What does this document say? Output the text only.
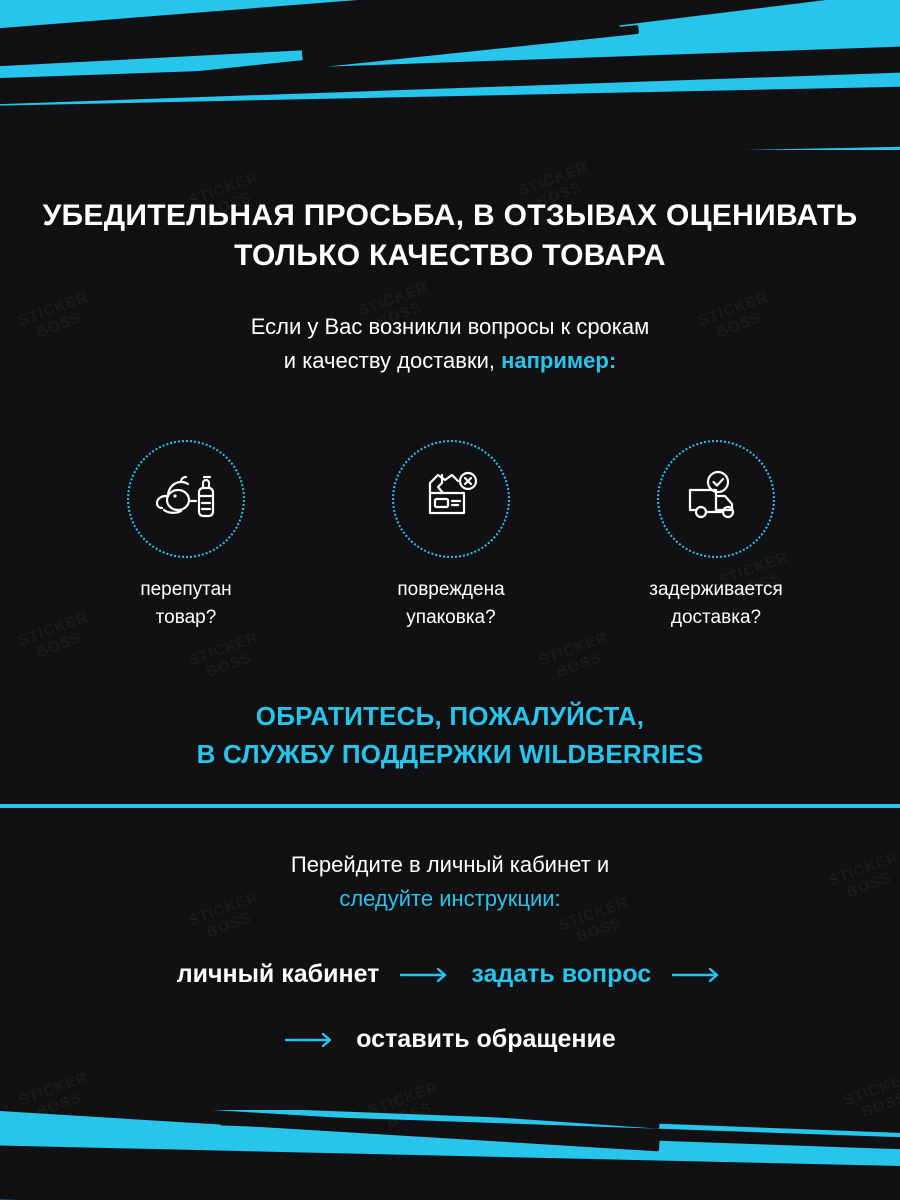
УБЕДИТЕЛЬНАЯ ПРОСЬБА, В ОТЗЫВАХ ОЦЕНИВАТЬ ТОЛЬКО КАЧЕСТВО ТОВАРА
Если у Вас возникли вопросы к срокам
и качеству доставки, например:
перепутан
товар?
повреждена
упаковка?
задерживается
доставка?
ОБРАТИТЕСЬ, ПОЖАЛУЙСТА,
В СЛУЖБУ ПОДДЕРЖКИ WILDBERRIES
Перейдите в личный кабинет и
следуйте инструкции:
личный кабинет	задать вопрос
оставить обращение
